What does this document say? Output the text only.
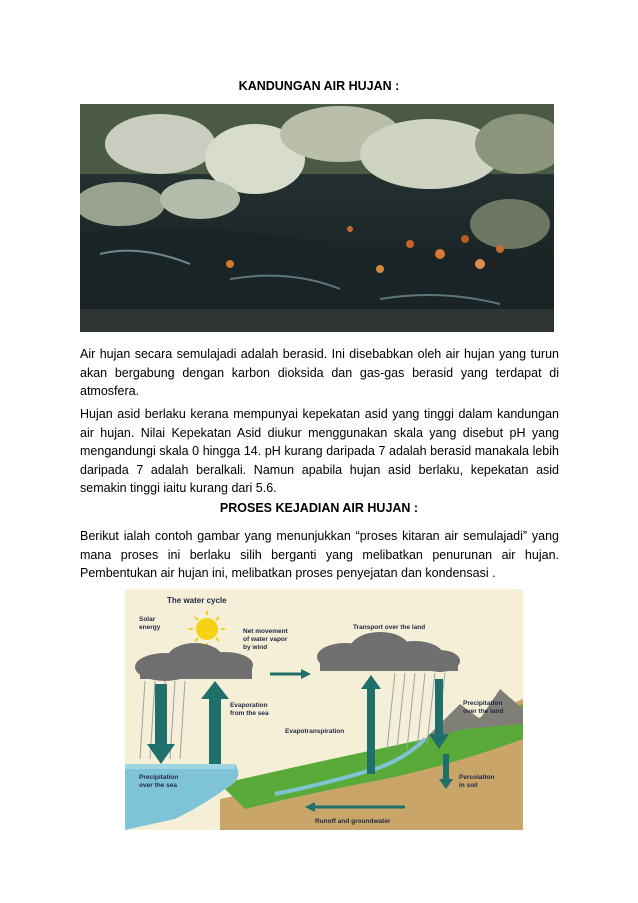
KANDUNGAN AIR HUJAN :

Air hujan secara semulajadi adalah berasid. Ini disebabkan oleh air hujan yang turun akan bergabung dengan karbon dioksida dan gas-gas berasid yang terdapat di atmosfera.

Hujan asid berlaku kerana mempunyai kepekatan asid yang tinggi dalam kandungan air hujan. Nilai Kepekatan Asid diukur menggunakan skala yang disebut pH yang mengandungi skala 0 hingga 14. pH kurang daripada 7 adalah berasid manakala lebih daripada 7 adalah beralkali. Namun apabila hujan asid berlaku, kepekatan asid semakin tinggi iaitu kurang dari 5.6.

PROSES KEJADIAN AIR HUJAN :

Berikut ialah contoh gambar yang menunjukkan “proses kitaran air semulajadi” yang mana proses ini berlaku silih berganti yang melibatkan penurunan air hujan. Pembentukan air hujan ini, melibatkan proses penyejatan dan kondensasi .

The water cycle
Solar
energy
Net movement
of water vapor
by wind
Transport over the land
Evaporation
from the sea
Evapotranspiration
Precipitation
over the land
Precipitation
over the sea
Percolation
in soil
Runoff and groundwater
